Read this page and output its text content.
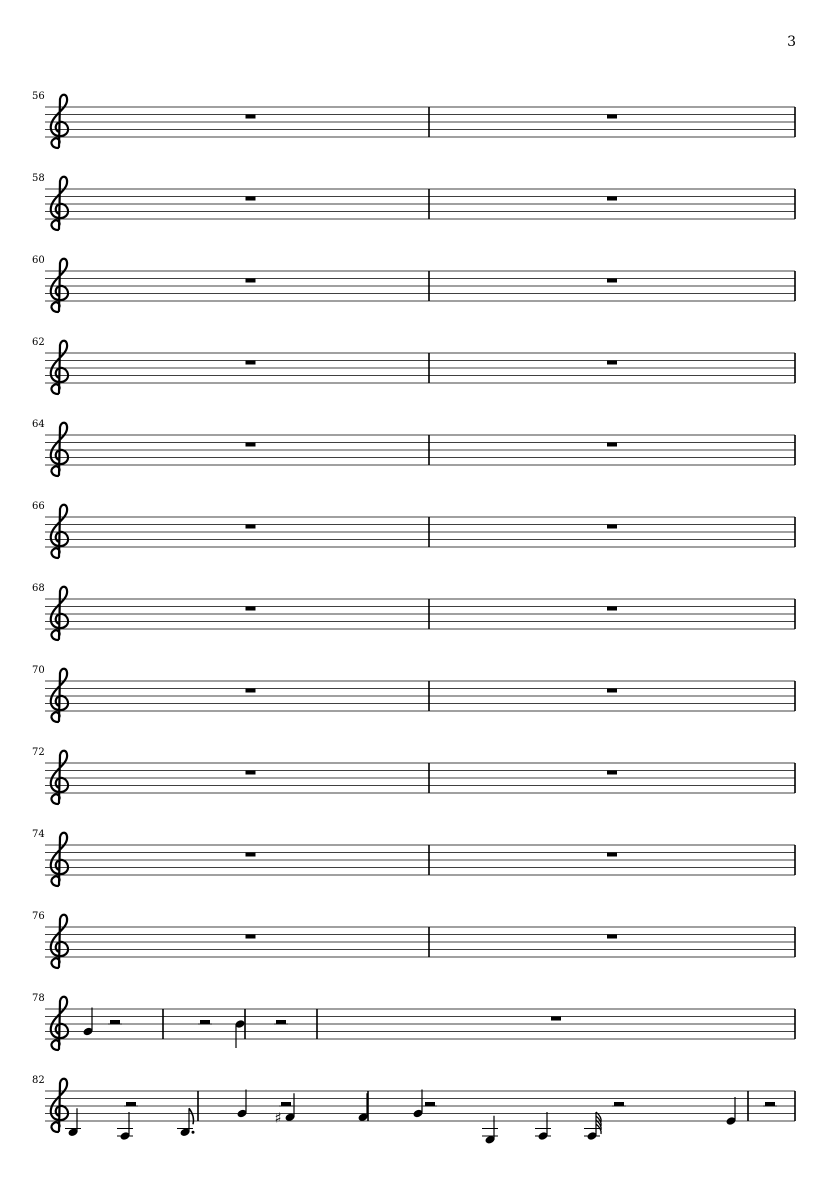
3
56
58
60
62
64
66
68
70
72
74
76
78
82
♯
